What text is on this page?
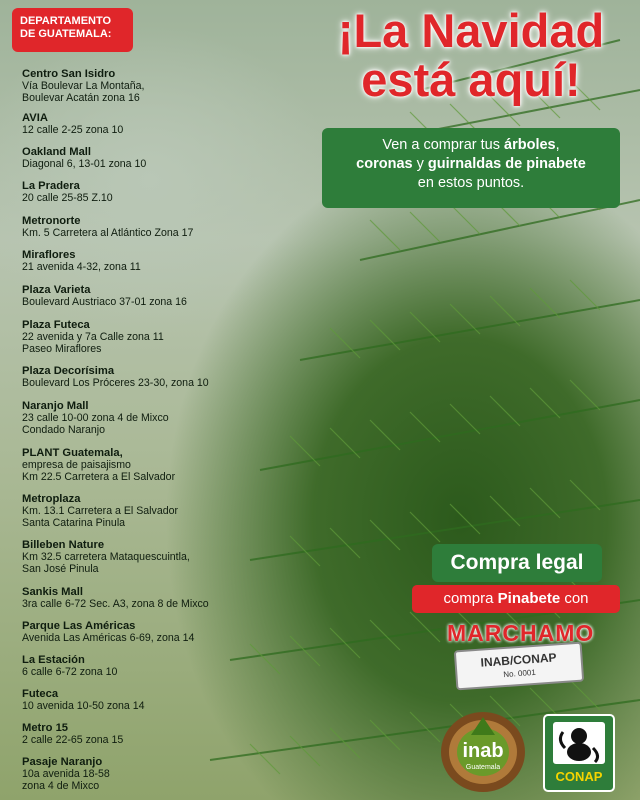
DEPARTAMENTO DE GUATEMALA:
Centro San Isidro
Vía Boulevar La Montaña,
Boulevar Acatán zona 16
AVIA
12 calle 2-25 zona 10
Oakland Mall
Diagonal 6, 13-01 zona 10
La Pradera
20 calle 25-85 Z.10
Metronorte
Km. 5 Carretera al Atlántico Zona 17
Miraflores
21 avenida 4-32, zona 11
Plaza Varieta
Boulevard Austriaco 37-01 zona 16
Plaza Futeca
22 avenida y 7a Calle zona 11
Paseo Miraflores
Plaza Decorísima
Boulevard Los Próceres 23-30, zona 10
Naranjo Mall
23 calle 10-00 zona 4 de Mixco
Condado Naranjo
PLANT Guatemala,
empresa de paisajismo
Km 22.5 Carretera a El Salvador
Metroplaza
Km. 13.1 Carretera a El Salvador
Santa Catarina Pinula
Billeben Nature
Km 32.5 carretera Mataquescuintla,
San José Pinula
Sankis Mall
3ra calle 6-72 Sec. A3, zona 8 de Mixco
Parque Las Américas
Avenida Las Américas 6-69, zona 14
La Estación
6 calle 6-72 zona 10
Futeca
10 avenida 10-50 zona 14
Metro 15
2 calle 22-65 zona 15
Pasaje Naranjo
10a avenida 18-58
zona 4 de Mixco
¡La Navidad
está aquí!
Ven a comprar tus árboles,
coronas y guirnaldas de pinabete
en estos puntos.
Compra legal
compra Pinabete con
MARCHAMO
INAB/CONAP
No. 0001
inab
Guatemala
CONAP
